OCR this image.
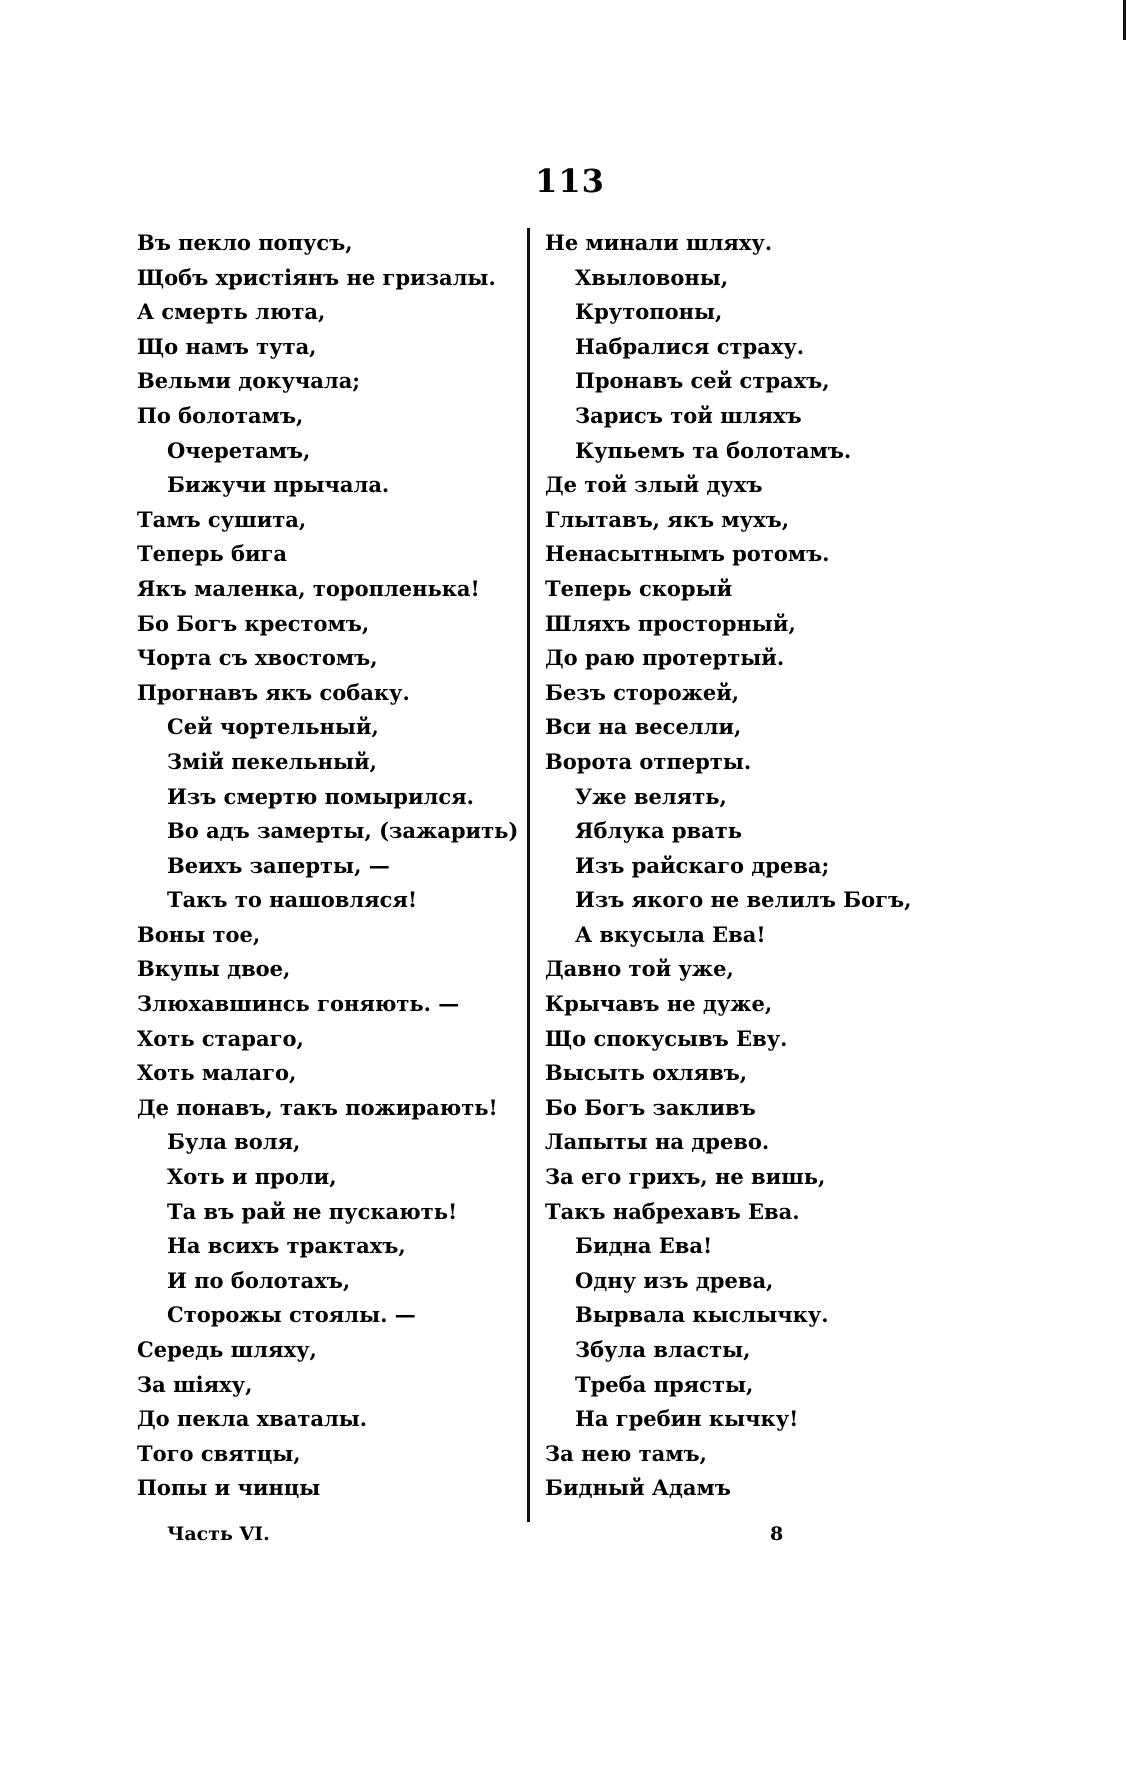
113
Въ пекло попусъ,
Щобъ христіянъ не гризалы.
А смерть люта,
Що намъ тута,
Вельми докучала;
По болотамъ,
Очеретамъ,
Бижучи прычала.
Тамъ сушита,
Теперь бига
Якъ маленка, торопленька!
Бо Богъ крестомъ,
Чорта съ хвостомъ,
Прогнавъ якъ собаку.
Сей чортельный,
Змій пекельный,
Изъ смертю помырился.
Во адъ замерты, (зажарить)
Веихъ заперты, —
Такъ то нашовляся!
Воны тое,
Вкупы двое,
Злюхавшинсь гоняють. —
Хоть стараго,
Хоть малаго,
Де понавъ, такъ пожирають!
Була воля,
Хоть и проли,
Та въ рай не пускають!
На всихъ трактахъ,
И по болотахъ,
Сторожы стоялы. —
Середь шляху,
За шіяху,
До пекла хваталы.
Того святцы,
Попы и чинцы
Не минали шляху.
Хвыловоны,
Крутопоны,
Набралися страху.
Пронавъ сей страхъ,
Зарисъ той шляхъ
Купьемъ та болотамъ.
Де той злый духъ
Глытавъ, якъ мухъ,
Ненасытнымъ ротомъ.
Теперь скорый
Шляхъ просторный,
До раю протертый.
Безъ сторожей,
Вси на веселли,
Ворота отперты.
Уже велять,
Яблука рвать
Изъ райскаго древа;
Изъ якого не велилъ Богъ,
А вкусыла Ева!
Давно той уже,
Крычавъ не дуже,
Що спокусывъ Еву.
Высыть охлявъ,
Бо Богъ закливъ
Лапыты на древо.
За его грихъ, не вишь,
Такъ набрехавъ Ева.
Бидна Ева!
Одну изъ древа,
Вырвала кыслычку.
Збула власты,
Треба прясты,
На гребин кычку!
За нею тамъ,
Бидный Адамъ
Часть VI.	8
